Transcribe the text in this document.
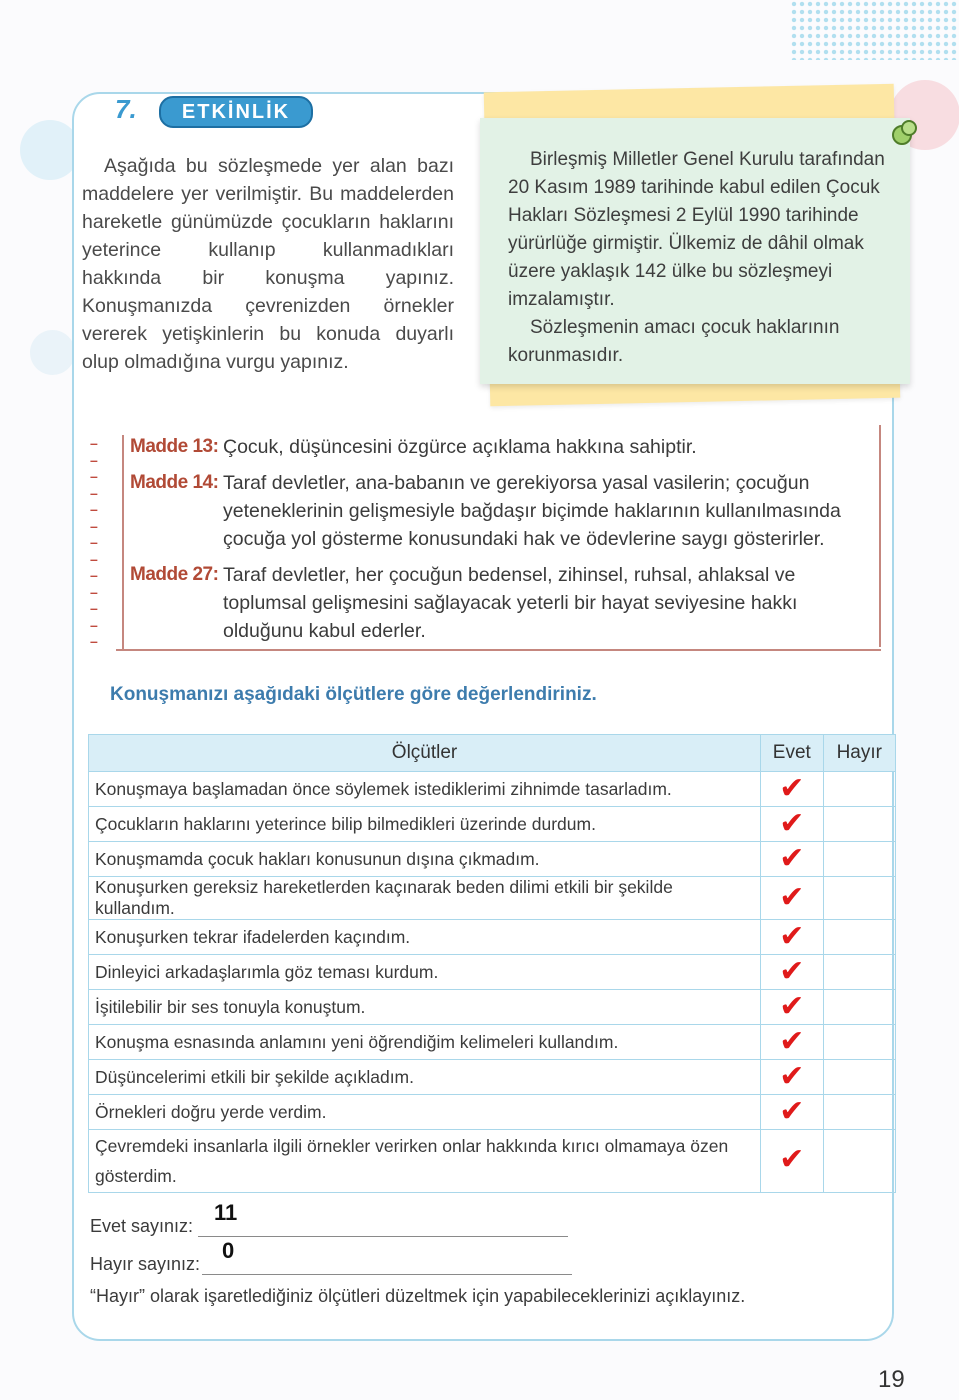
7.	ETKİNLİK
Aşağıda bu sözleşmede yer alan bazı maddelere yer verilmiştir. Bu maddelerden hareketle günümüzde çocukların haklarını yeterince kullanıp kullanmadıkları hakkında bir konuşma yapınız. Konuşmanızda çevrenizden örnekler vererek yetişkinlerin bu konuda duyarlı olup olmadığına vurgu yapınız.

Birleşmiş Milletler Genel Kurulu tarafından 20 Kasım 1989 tarihinde kabul edilen Çocuk Hakları Sözleşmesi 2 Eylül 1990 tarihinde yürürlüğe girmiştir. Ülkemiz de dâhil olmak üzere yaklaşık 142 ülke bu sözleşmeyi imzalamıştır.

Sözleşmenin amacı çocuk haklarının korunmasıdır.

–
–
–
–
–
–
–
–
–
–
–
–
–
Madde 13: Çocuk, düşüncesini özgürce açıklama hakkına sahiptir.
Madde 14: Taraf devletler, ana-babanın ve gerekiyorsa yasal vasilerin; çocuğun yeteneklerinin gelişmesiyle bağdaşır biçimde haklarının kullanılmasında çocuğa yol gösterme konusundaki hak ve ödevlerine saygı gösterirler.
Madde 27: Taraf devletler, her çocuğun bedensel, zihinsel, ruhsal, ahlaksal ve toplumsal gelişmesini sağlayacak yeterli bir hayat seviyesine hakkı olduğunu kabul ederler.
Konuşmanızı aşağıdaki ölçütlere göre değerlendiriniz.
Ölçütler	Evet	Hayır
Konuşmaya başlamadan önce söylemek istediklerimi zihnimde tasarladım.	✔	
Çocukların haklarını yeterince bilip bilmedikleri üzerinde durdum.	✔	
Konuşmamda çocuk hakları konusunun dışına çıkmadım.	✔	
Konuşurken gereksiz hareketlerden kaçınarak beden dilimi etkili bir şekilde kullandım.	✔	
Konuşurken tekrar ifadelerden kaçındım.	✔	
Dinleyici arkadaşlarımla göz teması kurdum.	✔	
İşitilebilir bir ses tonuyla konuştum.	✔	
Konuşma esnasında anlamını yeni öğrendiğim kelimeleri kullandım.	✔	
Düşüncelerimi etkili bir şekilde açıkladım.	✔	
Örnekleri doğru yerde verdim.	✔	
Çevremdeki insanlarla ilgili örnekler verirken onlar hakkında kırıcı olmamaya özen gösterdim.	✔	
Evet sayınız:
11
Hayır sayınız:
0
“Hayır” olarak işaretlediğiniz ölçütleri düzeltmek için yapabileceklerinizi açıklayınız.
19
